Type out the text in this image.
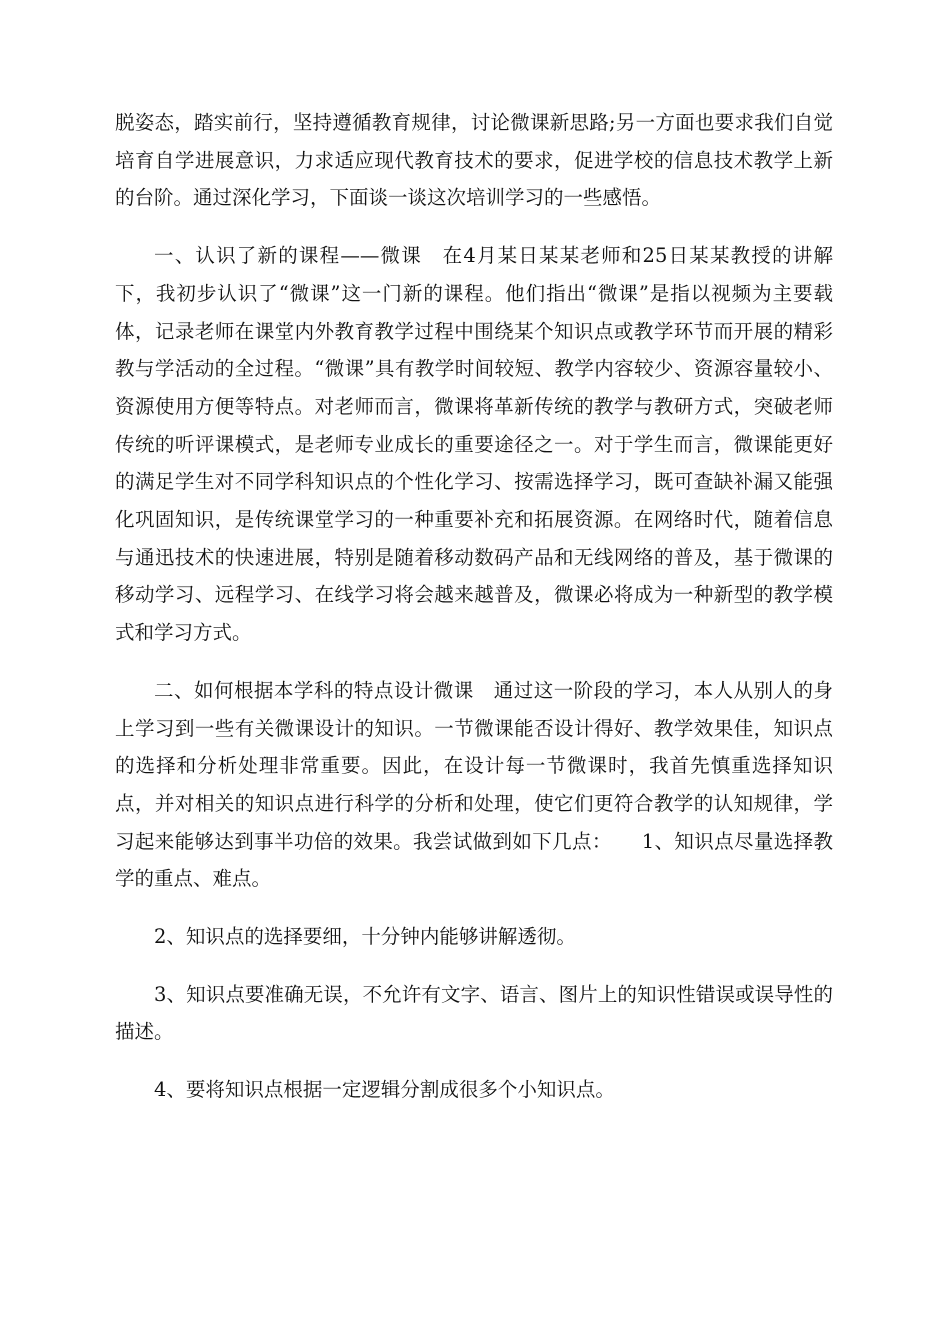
脱姿态，踏实前行，坚持遵循教育规律，讨论微课新思路;另一方面也要求我们自觉培育自学进展意识，力求适应现代教育技术的要求，促进学校的信息技术教学上新的台阶。通过深化学习，下面谈一谈这次培训学习的一些感悟。

一、认识了新的课程——微课　在4月某日某某老师和25日某某教授的讲解下，我初步认识了“微课”这一门新的课程。他们指出“微课”是指以视频为主要载体，记录老师在课堂内外教育教学过程中围绕某个知识点或教学环节而开展的精彩教与学活动的全过程。“微课”具有教学时间较短、教学内容较少、资源容量较小、资源使用方便等特点。对老师而言，微课将革新传统的教学与教研方式，突破老师传统的听评课模式，是老师专业成长的重要途径之一。对于学生而言，微课能更好的满足学生对不同学科知识点的个性化学习、按需选择学习，既可查缺补漏又能强化巩固知识，是传统课堂学习的一种重要补充和拓展资源。在网络时代，随着信息与通迅技术的快速进展，特别是随着移动数码产品和无线网络的普及，基于微课的移动学习、远程学习、在线学习将会越来越普及，微课必将成为一种新型的教学模式和学习方式。

二、如何根据本学科的特点设计微课　通过这一阶段的学习，本人从别人的身上学习到一些有关微课设计的知识。一节微课能否设计得好、教学效果佳，知识点的选择和分析处理非常重要。因此，在设计每一节微课时，我首先慎重选择知识点，并对相关的知识点进行科学的分析和处理，使它们更符合教学的认知规律，学习起来能够达到事半功倍的效果。我尝试做到如下几点：　　1、知识点尽量选择教学的重点、难点。

2、知识点的选择要细，十分钟内能够讲解透彻。

3、知识点要准确无误，不允许有文字、语言、图片上的知识性错误或误导性的描述。

4、要将知识点根据一定逻辑分割成很多个小知识点。
